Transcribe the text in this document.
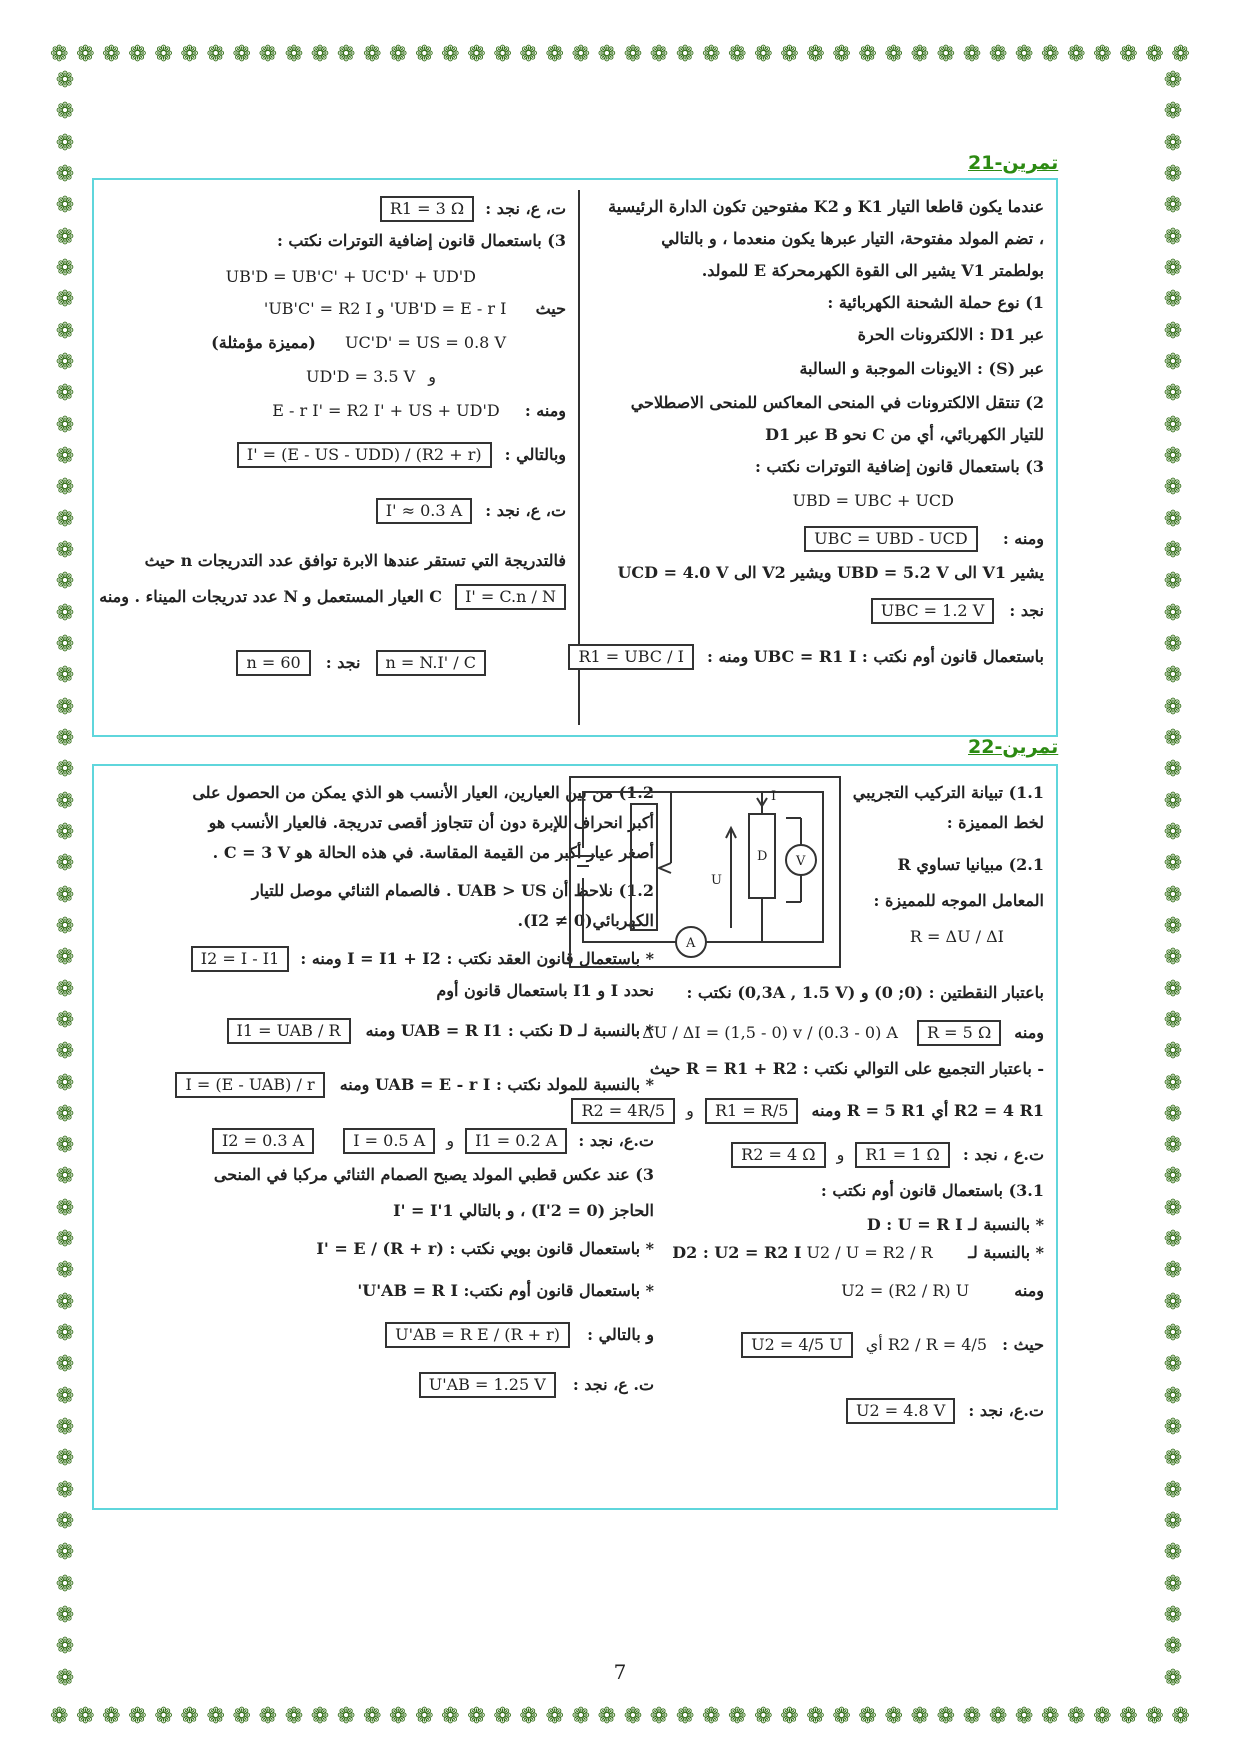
❁ ❁ ❁ ❁ ❁ ❁ ❁ ❁ ❁ ❁ ❁ ❁ ❁ ❁ ❁ ❁ ❁ ❁ ❁ ❁ ❁ ❁ ❁ ❁ ❁ ❁ ❁ ❁ ❁ ❁ ❁ ❁ ❁ ❁ ❁ ❁ ❁ ❁ ❁ ❁ ❁ ❁ ❁ ❁
❁ ❁ ❁ ❁ ❁ ❁ ❁ ❁ ❁ ❁ ❁ ❁ ❁ ❁ ❁ ❁ ❁ ❁ ❁ ❁ ❁ ❁ ❁ ❁ ❁ ❁ ❁ ❁ ❁ ❁ ❁ ❁ ❁ ❁ ❁ ❁ ❁ ❁ ❁ ❁ ❁ ❁ ❁ ❁
❁
❁
❁
❁
❁
❁
❁
❁
❁
❁
❁
❁
❁
❁
❁
❁
❁
❁
❁
❁
❁
❁
❁
❁
❁
❁
❁
❁
❁
❁
❁
❁
❁
❁
❁
❁
❁
❁
❁
❁
❁
❁
❁
❁
❁
❁
❁
❁
❁
❁
❁
❁
❁
❁
❁
❁
❁
❁
❁
❁
❁
❁
❁
❁
❁
❁
❁
❁
❁
❁
❁
❁
❁
❁
❁
❁
❁
❁
❁
❁
❁
❁
❁
❁
❁
❁
❁
❁
❁
❁
❁
❁
❁
❁
❁
❁
❁
❁
❁
❁
❁
❁
❁
❁
تمرين-21
عندما يكون قاطعا التيار K1 و K2 مفتوحين تكون الدارة الرئيسية
، تضم المولد مفتوحة، التيار عبرها يكون منعدما ، و بالتالي
بولطمتر V1 يشير الى القوة الكهرمحركة E للمولد.
1) نوع حملة الشحنة الكهربائية :
عبر D1 : الالكترونات الحرة
عبر (S) : الايونات الموجبة و السالبة
2) تنتقل الالكترونات في المنحى المعاكس للمنحى الاصطلاحي
للتيار الكهربائي، أي من C نحو B عبر D1
3) باستعمال قانون إضافية التوترات نكتب :
UBD = UBC + UCD
ومنه : UBC = UBD - UCD
يشير V1 الى UBD = 5.2 V ويشير V2 الى UCD = 4.0 V
نجد : UBC = 1.2 V
باستعمال قانون أوم نكتب : UBC = R1 I ومنه : R1 = UBC / I
ت، ع، نجد : R1 = 3 Ω
3) باستعمال قانون إضافية التوترات نكتب :
UB'D = UB'C' + UC'D' + UD'D
حيث UB'D = E - r I' و UB'C' = R2 I'
UC'D' = US = 0.8 V (مميزة مؤمثلة)
و UD'D = 3.5 V
ومنه : E - r I' = R2 I' + US + UD'D
وبالتالي : I' = (E - US - UDD) / (R2 + r)
ت، ع، نجد : I' ≈ 0.3 A
فالتدريجة التي تستقر عندها الابرة توافق عدد التدريجات n حيث
I' = C.n / N C العيار المستعمل و N عدد تدريجات الميناء . ومنه
n = N.I' / C نجد : n = 60
تمرين-22
1.2) من بين العيارين، العيار الأنسب هو الذي يمكن من الحصول على
أكبر انحراف للإبرة دون أن تتجاوز أقصى تدريجة. فالعيار الأنسب هو
أصغر عيار أكبر من القيمة المقاسة. في هذه الحالة هو C = 3 V .
1.2) نلاحظ أن UAB > US . فالصمام الثنائي موصل للتيار
الكهربائي(I2 ≠ 0).
* باستعمال قانون العقد نكتب : I = I1 + I2 ومنه : I2 = I - I1
نحدد I و I1 باستعمال قانون أوم
* بالنسبة لـ D نكتب : UAB = R I1 ومنه I1 = UAB / R
* بالنسبة للمولد نكتب : UAB = E - r I ومنه I = (E - UAB) / r
ت.ع، نجد : I1 = 0.2 A و I = 0.5 A I2 = 0.3 A
3) عند عكس قطبي المولد يصبح الصمام الثنائي مركبا في المنحى
الحاجز (I'2 = 0) ، و بالتالي I' = I'1
* باستعمال قانون بويي نكتب : I' = E / (R + r)
* باستعمال قانون أوم نكتب: U'AB = R I'
و بالتالي : U'AB = R E / (R + r)
ت. ع، نجد : U'AB = 1.25 V
V
A
D
U
I	1.1) تبيانة التركيب التجريبي
لخط المميزة :
2.1) مبيانيا تساوي R
المعامل الموجه للمميزة :
R = ΔU / ΔI
باعتبار النقطتين : (0; 0) و (0,3A , 1.5 V) نكتب :
ومنه R = 5 Ω ΔU / ΔI = (1,5 - 0) v / (0.3 - 0) A
- باعتبار التجميع على التوالي نكتب : R = R1 + R2 حيث
R2 = 4 R1 أي R = 5 R1 ومنه R1 = R/5 و R2 = 4R/5
ت.ع ، نجد : R1 = 1 Ω و R2 = 4 Ω
3.1) باستعمال قانون أوم نكتب :
* بالنسبة لـ D : U = R I
* بالنسبة لـ D2 : U2 = R2 I U2 / U = R2 / R
ومنه U2 = (R2 / R) U
حيث : R2 / R = 4/5 أي U2 = 4/5 U
ت.ع، نجد : U2 = 4.8 V
7
